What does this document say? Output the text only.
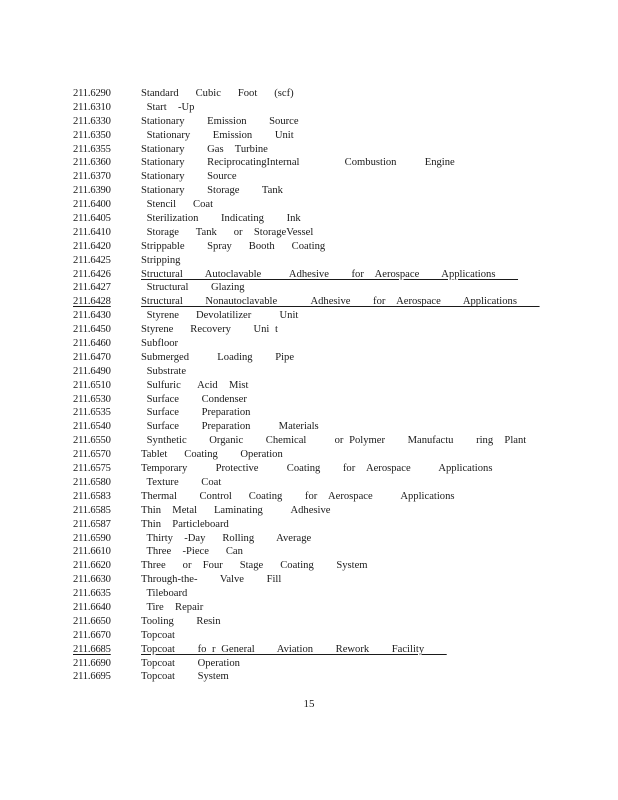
211.6290	Standard   Cubic   Foot   (scf)
211.6310	Start  -Up
211.6330	Stationary    Emission    Source
211.6350	Stationary    Emission    Unit
211.6355	Stationary    Gas  Turbine
211.6360	Stationary    ReciprocatingInternal        Combustion     Engine
211.6370	Stationary    Source
211.6390	Stationary    Storage    Tank
211.6400	Stencil   Coat
211.6405	Sterilization    Indicating    Ink
211.6410	Storage   Tank   or  StorageVessel
211.6420	Strippable    Spray   Booth   Coating
211.6425	Stripping
211.6426	Structural    Autoclavable     Adhesive    for  Aerospace    Applications
211.6427	Structural    Glazing
211.6428	Structural    Nonautoclavable      Adhesive    for  Aerospace    Applications
211.6430	Styrene   Devolatilizer     Unit
211.6450	Styrene   Recovery    Uni t
211.6460	Subfloor
211.6470	Submerged     Loading    Pipe
211.6490	Substrate
211.6510	Sulfuric   Acid  Mist
211.6530	Surface    Condenser
211.6535	Surface    Preparation
211.6540	Surface    Preparation     Materials
211.6550	Synthetic    Organic    Chemical     or Polymer    Manufactu    ring  Plant
211.6570	Tablet   Coating    Operation
211.6575	Temporary     Protective     Coating    for  Aerospace     Applications
211.6580	Texture    Coat
211.6583	Thermal    Control   Coating    for  Aerospace     Applications
211.6585	Thin  Metal   Laminating     Adhesive
211.6587	Thin  Particleboard
211.6590	Thirty  -Day   Rolling    Average
211.6610	Three  -Piece   Can
211.6620	Three   or  Four   Stage   Coating    System
211.6630	Through-the-    Valve    Fill
211.6635	Tileboard
211.6640	Tire  Repair
211.6650	Tooling    Resin
211.6670	Topcoat
211.6685	Topcoat    fo r General    Aviation    Rework    Facility
211.6690	Topcoat    Operation
211.6695	Topcoat    System
15
